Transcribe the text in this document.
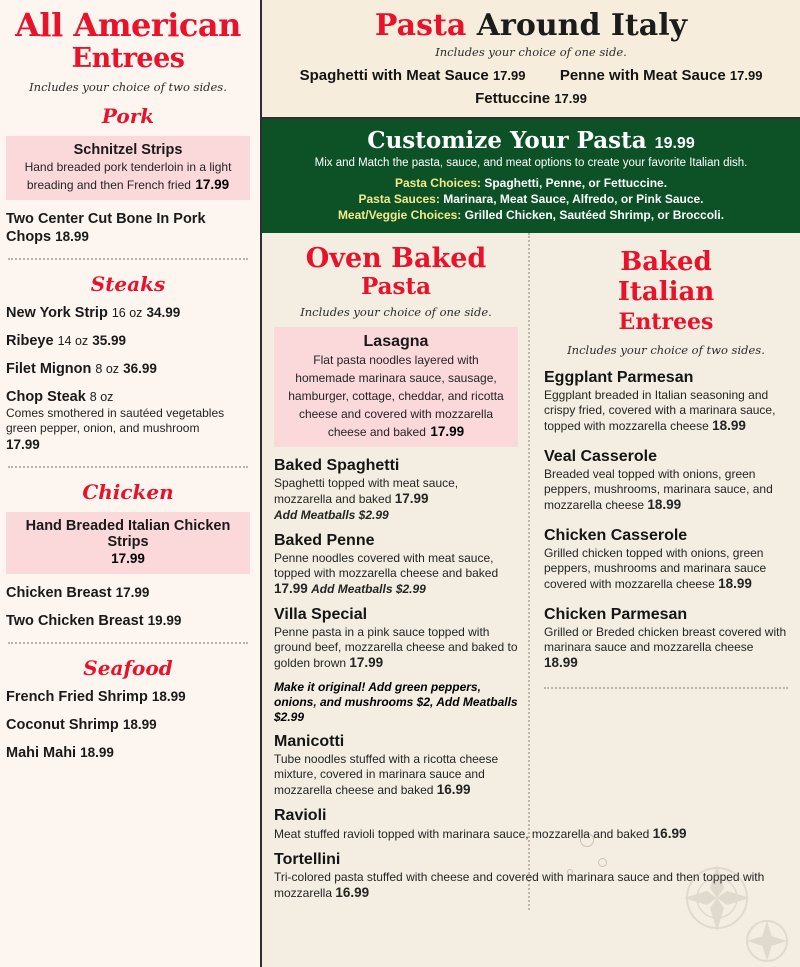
All American
Entrees
Includes your choice of two sides.
Pork
Schnitzel Strips
Hand breaded pork tenderloin in a light breading and then French fried 17.99
Two Center Cut Bone In Pork Chops 18.99
Steaks
New York Strip 16 oz 34.99
Ribeye 14 oz 35.99
Filet Mignon 8 oz 36.99
Chop Steak 8 oz
Comes smothered in sautéed vegetables green pepper, onion, and mushroom
17.99
Chicken
Hand Breaded Italian Chicken Strips
17.99
Chicken Breast 17.99
Two Chicken Breast 19.99
Seafood
French Fried Shrimp 18.99
Coconut Shrimp 18.99
Mahi Mahi 18.99
Pasta Around Italy
Includes your choice of one side.
Spaghetti with Meat Sauce 17.99 Penne with Meat Sauce 17.99
Fettuccine 17.99
Customize Your Pasta 19.99
Mix and Match the pasta, sauce, and meat options to create your favorite Italian dish.
Pasta Choices: Spaghetti, Penne, or Fettuccine.
Pasta Sauces: Marinara, Meat Sauce, Alfredo, or Pink Sauce.
Meat/Veggie Choices: Grilled Chicken, Sautéed Shrimp, or Broccoli.
Oven Baked
Pasta
Includes your choice of one side.
Lasagna
Flat pasta noodles layered with homemade marinara sauce, sausage, hamburger, cottage, cheddar, and ricotta cheese and covered with mozzarella cheese and baked 17.99
Baked Spaghetti
Spaghetti topped with meat sauce, mozzarella and baked 17.99
Add Meatballs $2.99
Baked Penne
Penne noodles covered with meat sauce, topped with mozzarella cheese and baked 17.99 Add Meatballs $2.99
Villa Special
Penne pasta in a pink sauce topped with ground beef, mozzarella cheese and baked to golden brown 17.99
Make it original! Add green peppers, onions, and mushrooms $2, Add Meatballs $2.99
Manicotti
Tube noodles stuffed with a ricotta cheese mixture, covered in marinara sauce and mozzarella cheese and baked 16.99
Ravioli
Meat stuffed ravioli topped with marinara sauce, mozzarella and baked 16.99
Tortellini
Tri-colored pasta stuffed with cheese and covered with marinara sauce and then topped with mozzarella 16.99
Baked
Italian
Entrees
Includes your choice of two sides.
Eggplant Parmesan
Eggplant breaded in Italian seasoning and crispy fried, covered with a marinara sauce, topped with mozzarella cheese 18.99
Veal Casserole
Breaded veal topped with onions, green peppers, mushrooms, marinara sauce, and mozzarella cheese 18.99
Chicken Casserole
Grilled chicken topped with onions, green peppers, mushrooms and marinara sauce covered with mozzarella cheese 18.99
Chicken Parmesan
Grilled or Breded chicken breast covered with marinara sauce and mozzarella cheese 18.99
